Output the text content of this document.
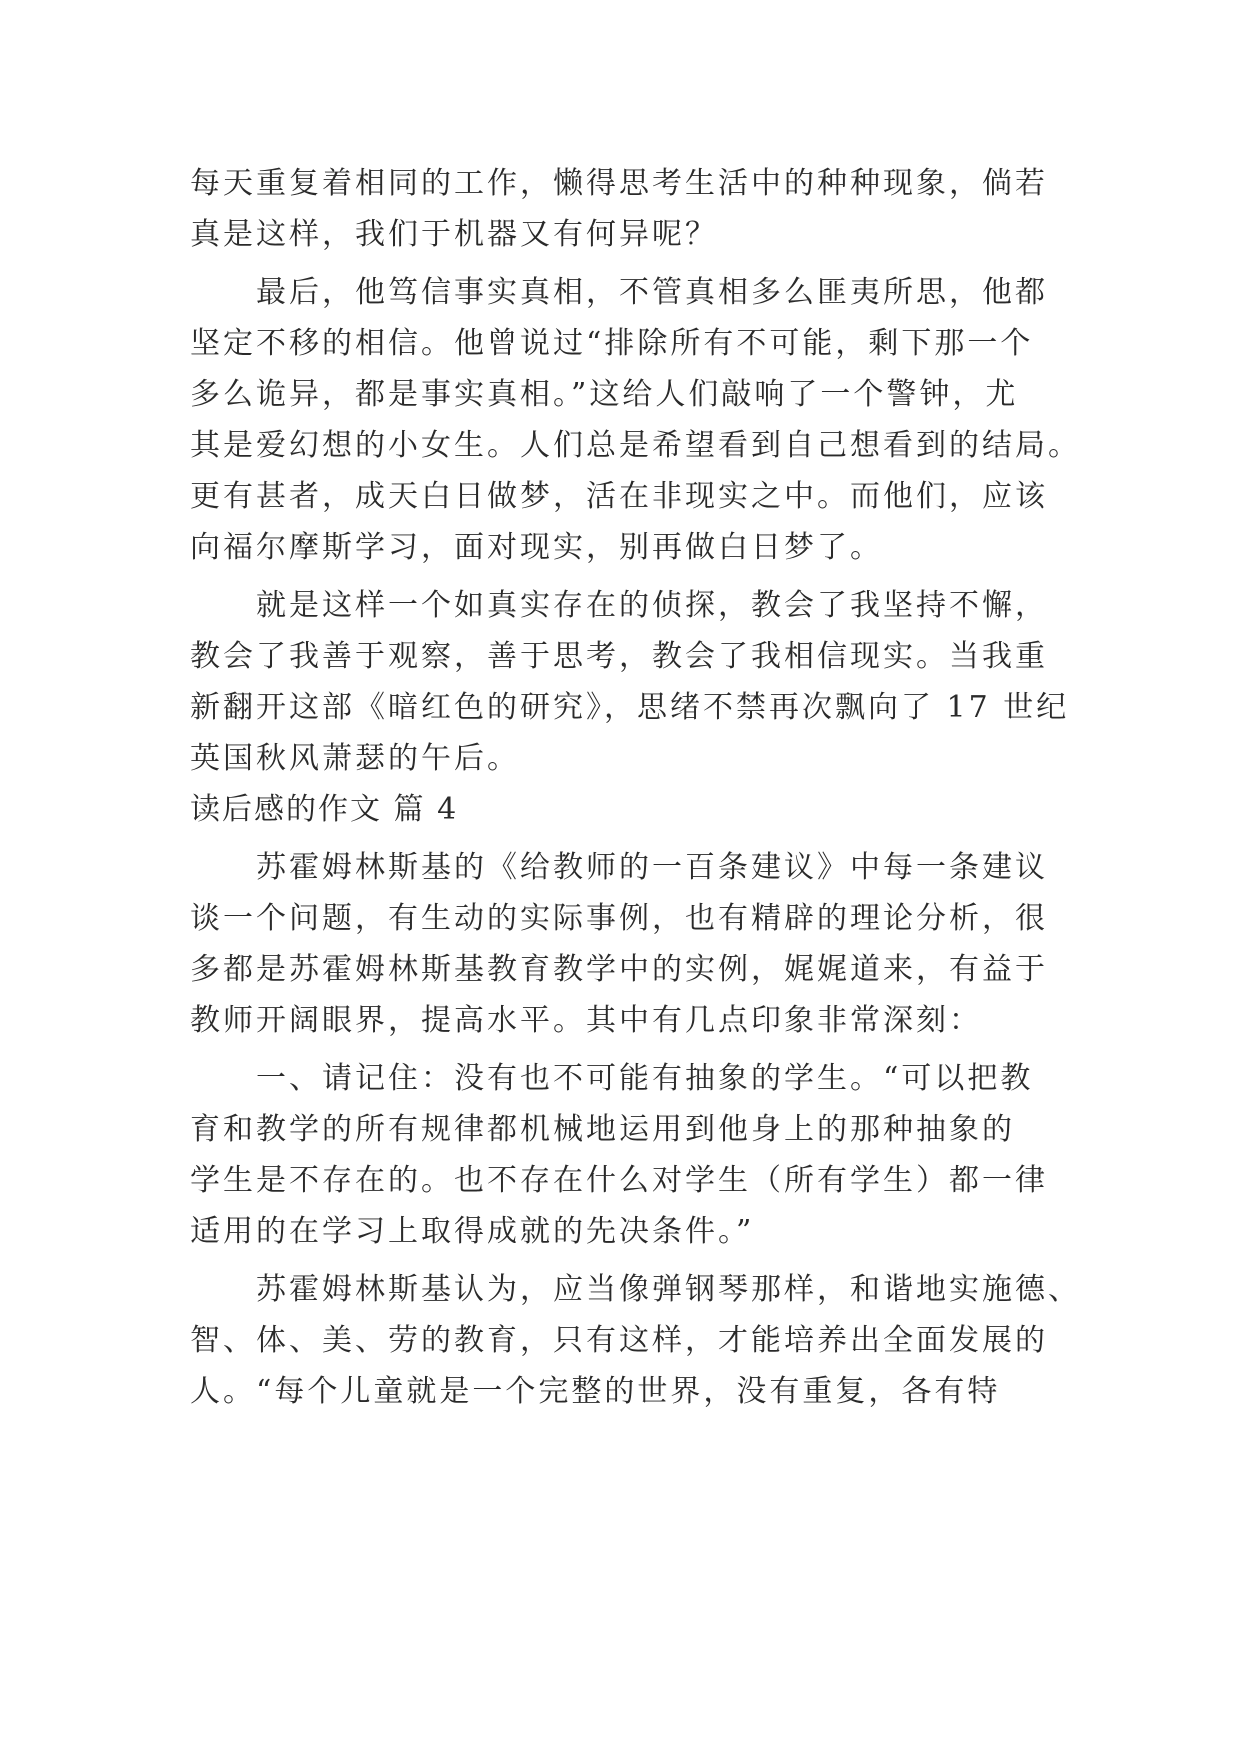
每天重复着相同的工作，懒得思考生活中的种种现象，倘若
真是这样，我们于机器又有何异呢？
最后，他笃信事实真相，不管真相多么匪夷所思，他都
坚定不移的相信。他曾说过“排除所有不可能，剩下那一个
多么诡异，都是事实真相。”这给人们敲响了一个警钟，尤
其是爱幻想的小女生。人们总是希望看到自己想看到的结局。
更有甚者，成天白日做梦，活在非现实之中。而他们，应该
向福尔摩斯学习，面对现实，别再做白日梦了。
就是这样一个如真实存在的侦探，教会了我坚持不懈，
教会了我善于观察，善于思考，教会了我相信现实。当我重
新翻开这部《暗红色的研究》，思绪不禁再次飘向了 17 世纪
英国秋风萧瑟的午后。
读后感的作文 篇 4
苏霍姆林斯基的《给教师的一百条建议》中每一条建议
谈一个问题，有生动的实际事例，也有精辟的理论分析，很
多都是苏霍姆林斯基教育教学中的实例，娓娓道来，有益于
教师开阔眼界，提高水平。其中有几点印象非常深刻：
一、请记住：没有也不可能有抽象的学生。“可以把教
育和教学的所有规律都机械地运用到他身上的那种抽象的
学生是不存在的。也不存在什么对学生（所有学生）都一律
适用的在学习上取得成就的先决条件。”
苏霍姆林斯基认为，应当像弹钢琴那样，和谐地实施德、
智、体、美、劳的教育，只有这样，才能培养出全面发展的
人。“每个儿童就是一个完整的世界，没有重复，各有特
